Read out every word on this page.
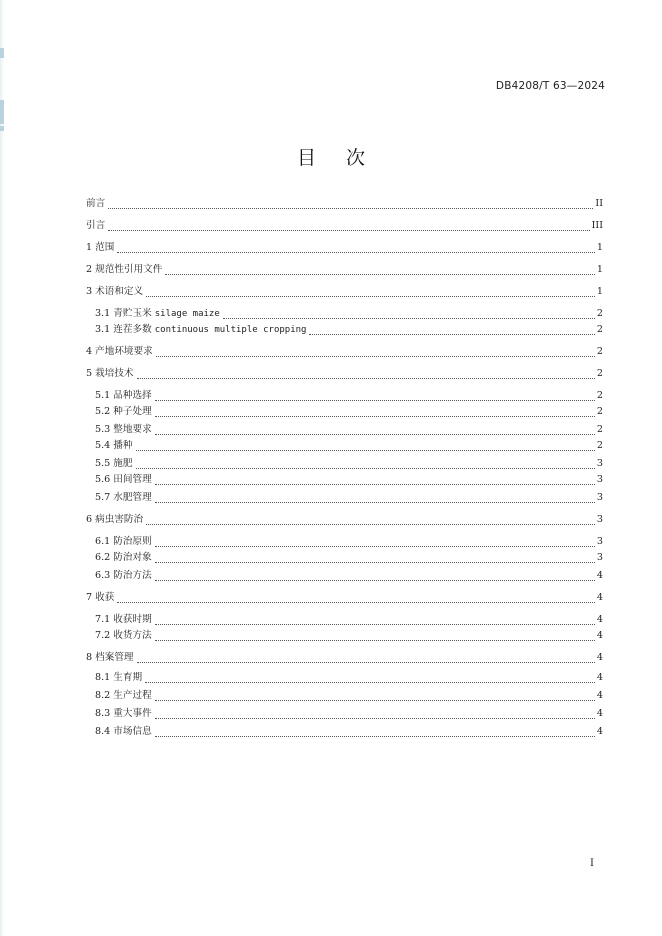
DB4208/T 63—2024
目次
前言	II
引言	III
1 范围	1
2 规范性引用文件	1
3 术语和定义	1
3.1 青贮玉米 silage maize	2
3.1 连茬多数 continuous multiple cropping	2
4 产地环境要求	2
5 栽培技术	2
5.1 品种选择	2
5.2 种子处理	2
5.3 整地要求	2
5.4 播种	2
5.5 施肥	3
5.6 田间管理	3
5.7 水肥管理	3
6 病虫害防治	3
6.1 防治原则	3
6.2 防治对象	3
6.3 防治方法	4
7 收获	4
7.1 收获时期	4
7.2 收货方法	4
8 档案管理	4
8.1 生育期	4
8.2 生产过程	4
8.3 重大事件	4
8.4 市场信息	4
I
